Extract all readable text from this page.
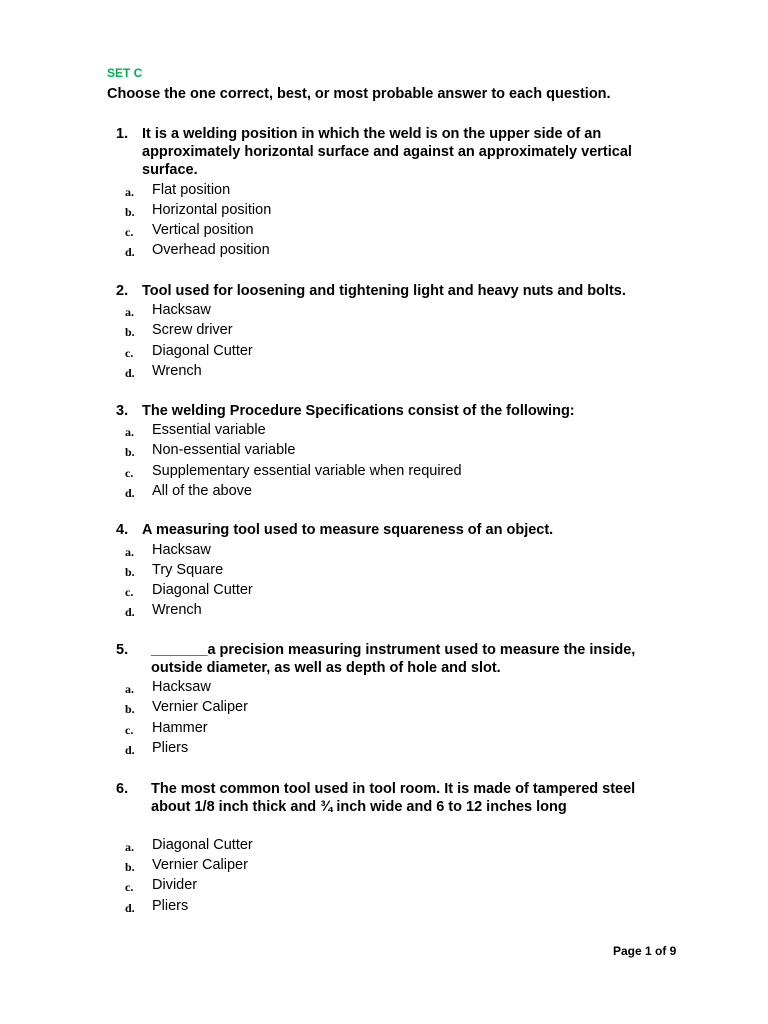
SET C
Choose the one correct, best, or most probable answer to each question.
1. It is a welding position in which the weld is on the upper side of an approximately horizontal surface and against an approximately vertical surface.
a. Flat position
b. Horizontal position
c. Vertical position
d. Overhead position
2. Tool used for loosening and tightening light and heavy nuts and bolts.
a. Hacksaw
b. Screw driver
c. Diagonal Cutter
d. Wrench
3. The welding Procedure Specifications consist of the following:
a. Essential variable
b. Non-essential variable
c. Supplementary essential variable when required
d. All of the above
4. A measuring tool used to measure squareness of an object.
a. Hacksaw
b. Try Square
c. Diagonal Cutter
d. Wrench
5. _______a precision measuring instrument used to measure the inside, outside diameter, as well as depth of hole and slot.
a. Hacksaw
b. Vernier Caliper
c. Hammer
d. Pliers
6. The most common tool used in tool room. It is made of tampered steel about 1/8 inch thick and ¾ inch wide and 6 to 12 inches long
a. Diagonal Cutter
b. Vernier Caliper
c. Divider
d. Pliers
Page 1 of 9
